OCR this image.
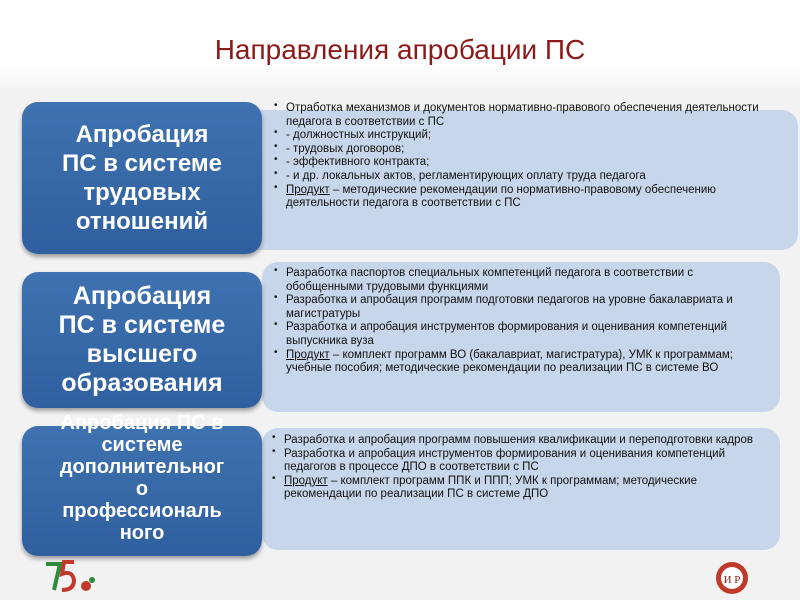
Направления апробации ПС
Апробация
ПС в системе
трудовых
отношений
• Отработка механизмов и документов нормативно-правового обеспечения деятельности педагога в соответствии с ПС
• - должностных инструкций;
• - трудовых договоров;
• - эффективного контракта;
• - и др. локальных актов, регламентирующих оплату труда педагога
• Продукт – методические рекомендации по нормативно-правовому обеспечению деятельности педагога в соответствии с ПС
Апробация
ПС в системе
высшего
образования
• Разработка паспортов специальных компетенций педагога в соответствии с обобщенными трудовыми функциями
• Разработка и апробация программ подготовки педагогов на уровне бакалавриата и магистратуры
• Разработка и апробация инструментов формирования и оценивания компетенций выпускника вуза
• Продукт – комплект программ ВО (бакалавриат, магистратура), УМК к программам; учебные пособия; методические рекомендации по реализации ПС в системе ВО
Апробация ПС в
системе
дополнительног
о
профессиональ
ного
• Разработка и апробация программ повышения квалификации и переподготовки кадров
• Разработка и апробация инструментов формирования и оценивания компетенций педагогов в процессе ДПО в соответствии с ПС
• Продукт – комплект программ ППК и ППП; УМК к программам; методические рекомендации по реализации ПС в системе ДПО
И Р
